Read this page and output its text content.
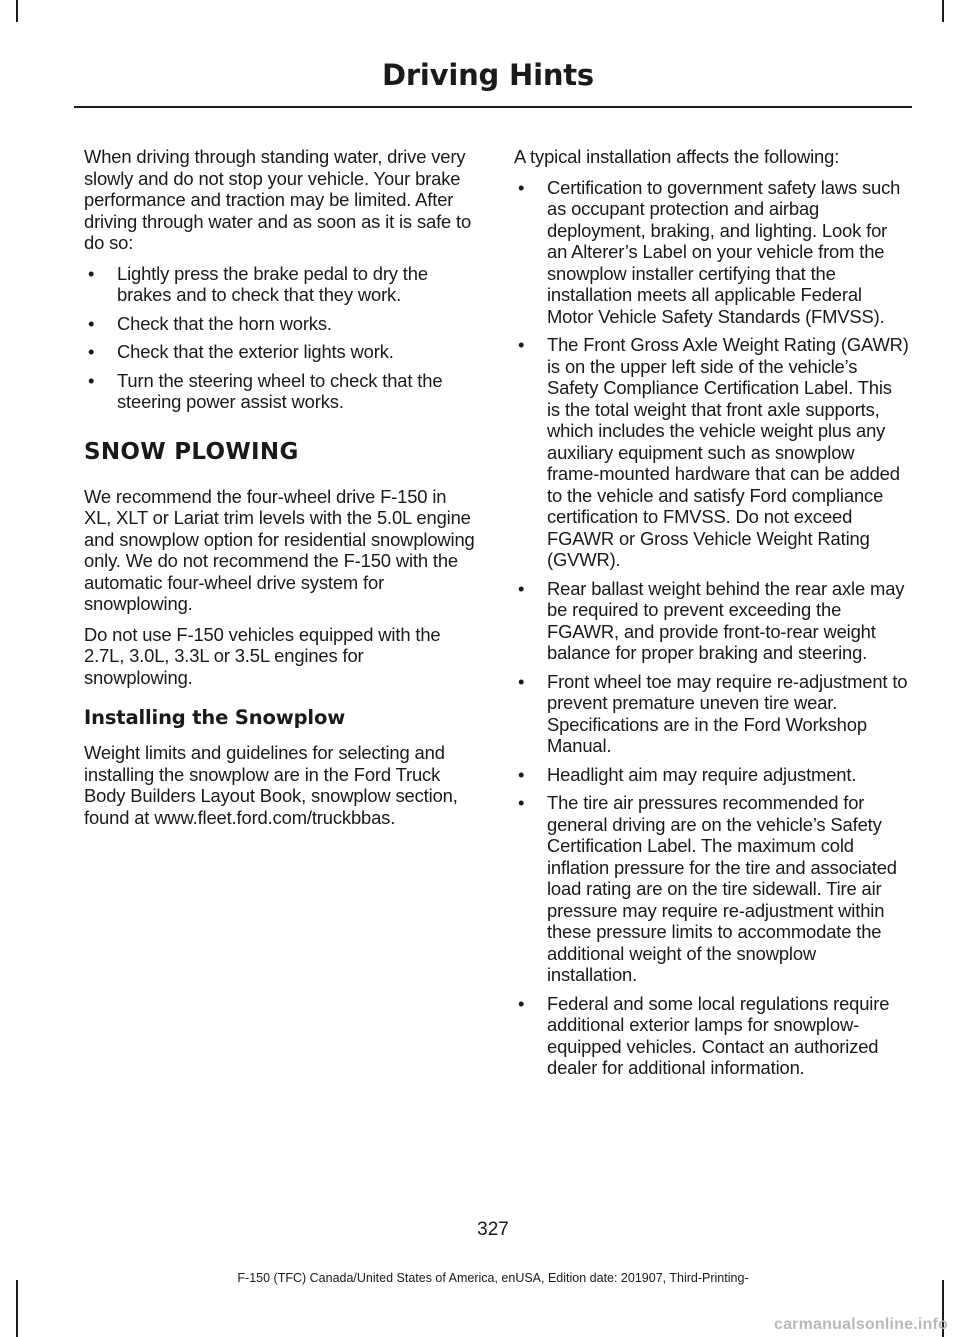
Driving Hints

When driving through standing water, drive very slowly and do not stop your vehicle. Your brake performance and traction may be limited. After driving through water and as soon as it is safe to do so:

• Lightly press the brake pedal to dry the brakes and to check that they work.
• Check that the horn works.
• Check that the exterior lights work.
• Turn the steering wheel to check that the steering power assist works.
SNOW PLOWING

We recommend the four-wheel drive F-150 in XL, XLT or Lariat trim levels with the 5.0L engine and snowplow option for residential snowplowing only. We do not recommend the F-150 with the automatic four-wheel drive system for snowplowing.

Do not use F-150 vehicles equipped with the 2.7L, 3.0L, 3.3L or 3.5L engines for snowplowing.

Installing the Snowplow

Weight limits and guidelines for selecting and installing the snowplow are in the Ford Truck Body Builders Layout Book, snowplow section, found at www.fleet.ford.com/truckbbas.

A typical installation affects the following:

• Certification to government safety laws such as occupant protection and airbag deployment, braking, and lighting. Look for an Alterer’s Label on your vehicle from the snowplow installer certifying that the installation meets all applicable Federal Motor Vehicle Safety Standards (FMVSS).
• The Front Gross Axle Weight Rating (GAWR) is on the upper left side of the vehicle’s Safety Compliance Certification Label. This is the total weight that front axle supports, which includes the vehicle weight plus any auxiliary equipment such as snowplow frame-mounted hardware that can be added to the vehicle and satisfy Ford compliance certification to FMVSS. Do not exceed FGAWR or Gross Vehicle Weight Rating (GVWR).
• Rear ballast weight behind the rear axle may be required to prevent exceeding the FGAWR, and provide front-to-rear weight balance for proper braking and steering.
• Front wheel toe may require re-adjustment to prevent premature uneven tire wear. Specifications are in the Ford Workshop Manual.
• Headlight aim may require adjustment.
• The tire air pressures recommended for general driving are on the vehicle’s Safety Certification Label. The maximum cold inflation pressure for the tire and associated load rating are on the tire sidewall. Tire air pressure may require re-adjustment within these pressure limits to accommodate the additional weight of the snowplow installation.
• Federal and some local regulations require additional exterior lamps for snowplow-equipped vehicles. Contact an authorized dealer for additional information.
327
F-150 (TFC) Canada/United States of America, enUSA, Edition date: 201907, Third-Printing-
carmanualsonline.info
